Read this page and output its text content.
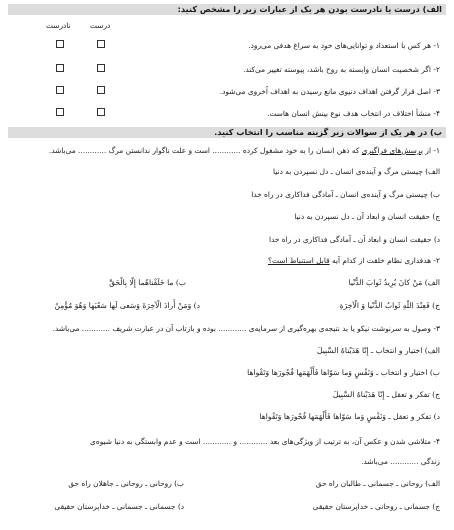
الف) درست یا نادرست بودن هر یک از عبارات زیر را مشخص کنید:
نادرست	درست
۱- هر کس با استعداد و توانایی‌های خود به سراغ هدفی می‌رود.
۲- اگر شخصیت انسان وابسته به روح باشد، پیوسته تغییر می‌کند.
۳- اصل قرار گرفتن اهداف دنیوی مانع رسیدن به اهداف اُخروی می‌شود.
۴- منشأ اختلاف در انتخاب هدف نوع بینش انسان هاست.
ب) در هر یک از سوالات زیر گزینه مناسب را انتخاب کنید.
۱- از پرسش‌های فراگیری که ذهن انسان را به خود مشغول کرده ............ است و علت ناگوار ندانستن مرگ ............ می‌باشد.
الف) چیستی مرگ و آینده‌ی انسان ـ دل نسپردن به دنیا
ب) چیستی مرگ و آینده‌ی انسان ـ آمادگی فداکاری در راه خدا
ج) حقیقت انسان و ابعاد آن ـ دل نسپردن به دنیا
د) حقیقت انسان و ابعاد آن ـ آمادگی فداکاری در راه خدا
۲- هدفداری نظام خلقت از کدام آیه قابل استنباط است؟
الف) مَنْ کانَ یُرِیدُ ثَوابَ الدُّنْیا
ب) ما خَلَقْناهُما إِلّا بِالْحَقِّ
ج) فَعِنْدَ اللّهِ ثَوابُ الدُّنْیا وَ الْآخِرَةِ
د) وَمَنْ أَرادَ الْآخِرَةَ وَسَعی لَها سَعْیَها وَهُوَ مُؤْمِنٌ
۳- وصول به سرنوشت نیکو یا بد نتیجه‌ی بهره‌گیری از سرمایه‌ی ............ بوده و بازتاب آن در عبارت شریف ............ می‌باشد.
الف) اختیار و انتخاب ـ إِنّا هَدَیْناهُ السَّبِیلَ
ب) اختیار و انتخاب ـ وَنَفْسٍ وَما سَوّاها فَأَلْهَمَها فُجُورَها وَتَقْواها
ج) تفکر و تعقل ـ إِنّا هَدَیْناهُ السَّبِیلَ
د) تفکر و تعقل ـ وَنَفْسٍ وَما سَوّاها فَأَلْهَمَها فُجُورَها وَتَقْواها
۴- متلاشی شدن و عکس آن، به ترتیب از ویژگی‌های بعد ............ و ............ است و عدم وابستگی به دنیا شیوه‌ی
زندگی ............ می‌باشد.
الف) روحانی ـ جسمانی ـ طالبان راه حق
ب) روحانی ـ روحانی ـ جاهلان راه حق
ج) جسمانی ـ روحانی ـ خداپرستان حقیقی
د) جسمانی ـ جسمانی ـ خداپرستان حقیقی
